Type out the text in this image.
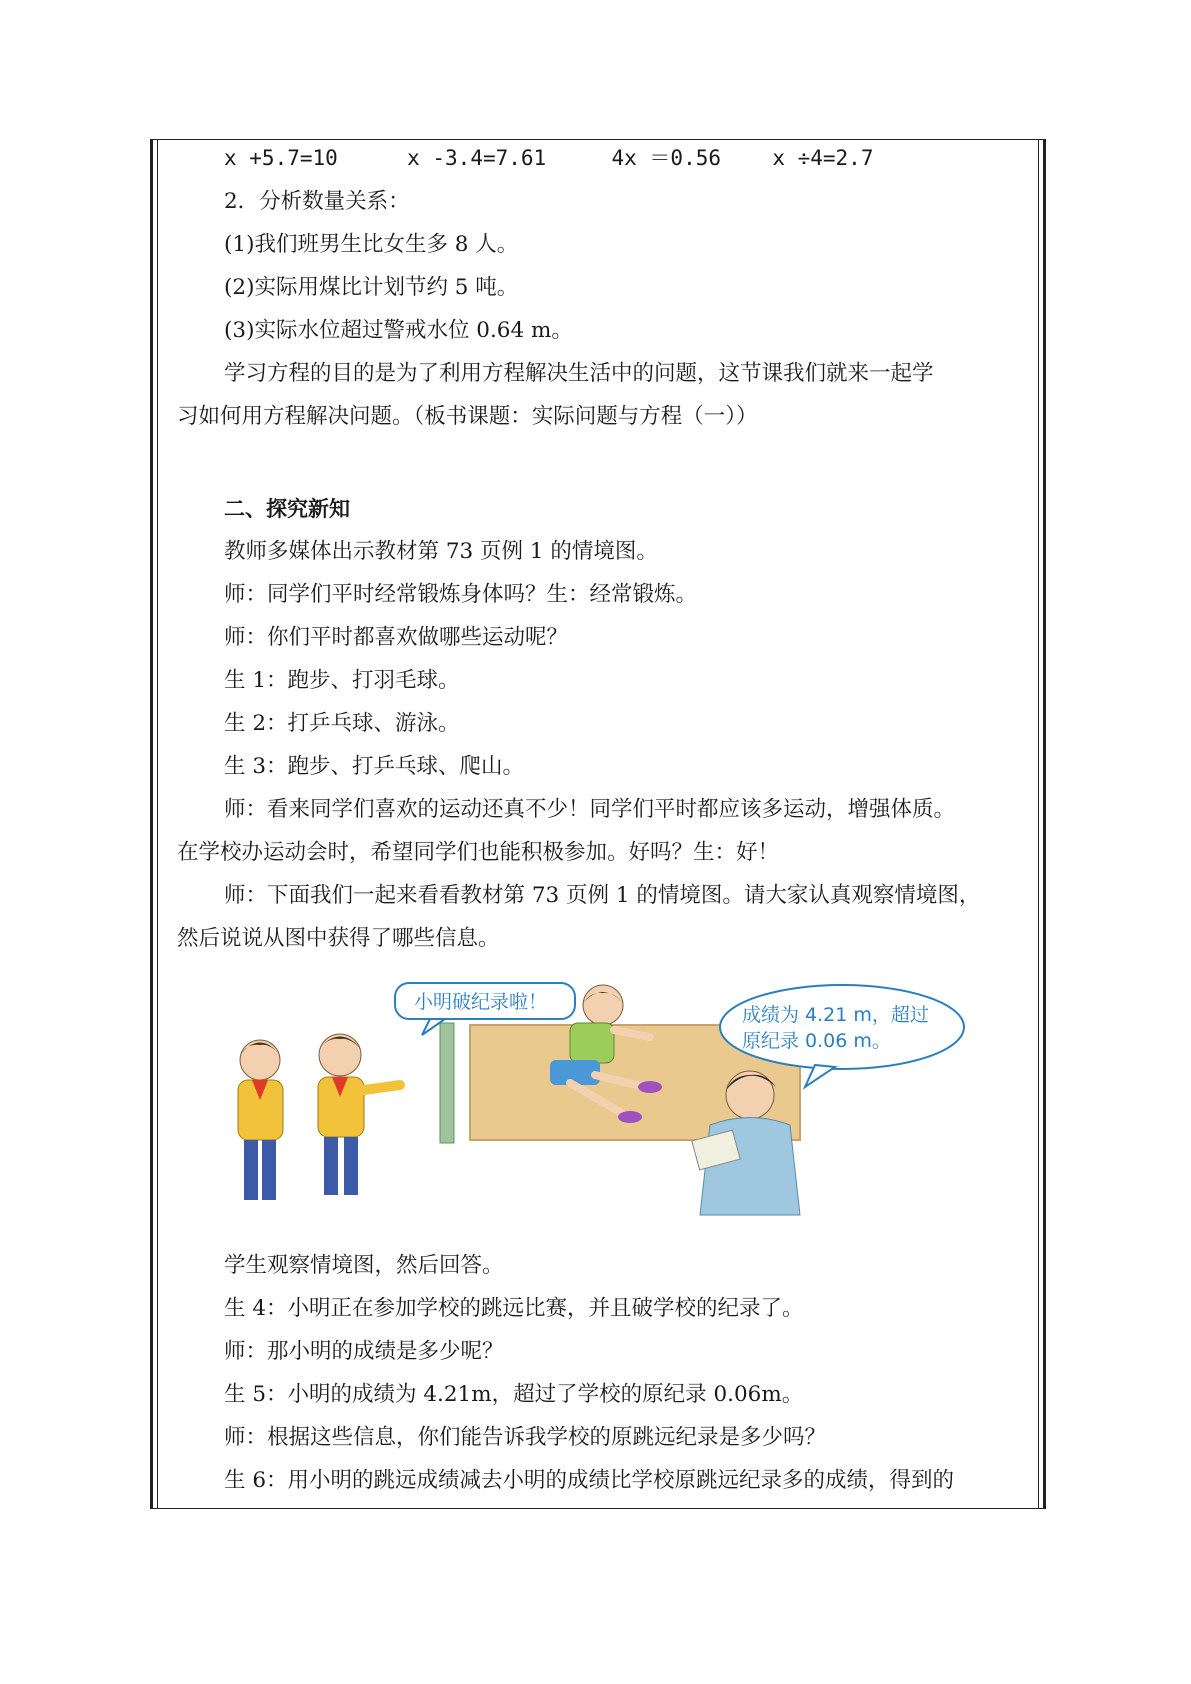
x +5.7=10	x -3.4=7.61	4x ＝0.56 x ÷4=2.7
2．分析数量关系：
(1)我们班男生比女生多 8 人。
(2)实际用煤比计划节约 5 吨。
(3)实际水位超过警戒水位 0.64 m。
学习方程的目的是为了利用方程解决生活中的问题，这节课我们就来一起学
习如何用方程解决问题。（板书课题：实际问题与方程（一））
二、探究新知
教师多媒体出示教材第 73 页例 1 的情境图。
师：同学们平时经常锻炼身体吗？生：经常锻炼。
师：你们平时都喜欢做哪些运动呢？
生 1：跑步、打羽毛球。
生 2：打乒乓球、游泳。
生 3：跑步、打乒乓球、爬山。
师：看来同学们喜欢的运动还真不少！同学们平时都应该多运动，增强体质。
在学校办运动会时，希望同学们也能积极参加。好吗？生：好！
师：下面我们一起来看看教材第 73 页例 1 的情境图。请大家认真观察情境图，
然后说说从图中获得了哪些信息。
小明破纪录啦！
成绩为 4.21 m，超过
原纪录 0.06 m。
学生观察情境图，然后回答。
生 4：小明正在参加学校的跳远比赛，并且破学校的纪录了。
师：那小明的成绩是多少呢？
生 5：小明的成绩为 4.21m，超过了学校的原纪录 0.06m。
师：根据这些信息，你们能告诉我学校的原跳远纪录是多少吗？
生 6：用小明的跳远成绩减去小明的成绩比学校原跳远纪录多的成绩，得到的
